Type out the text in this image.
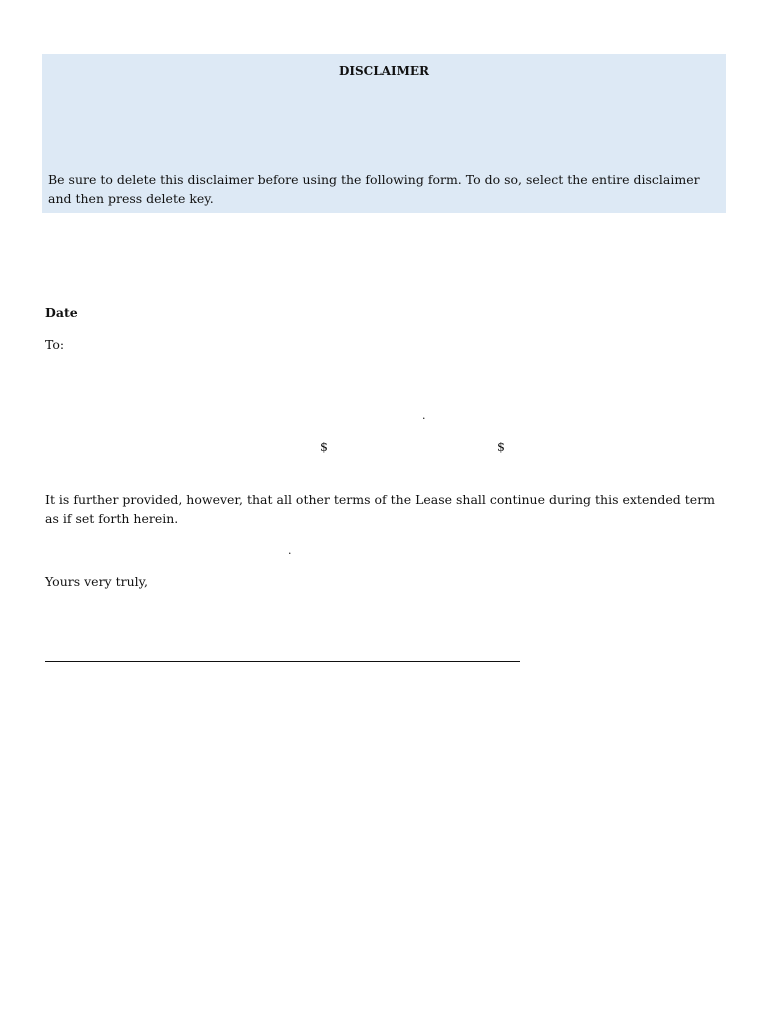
DISCLAIMER
Be sure to delete this disclaimer before using the following form. To do so, select the entire disclaimer and then press delete key.
Date
To:
.
$	$
It is further provided, however, that all other terms of the Lease shall continue during this extended term as if set forth herein.
.
Yours very truly,
